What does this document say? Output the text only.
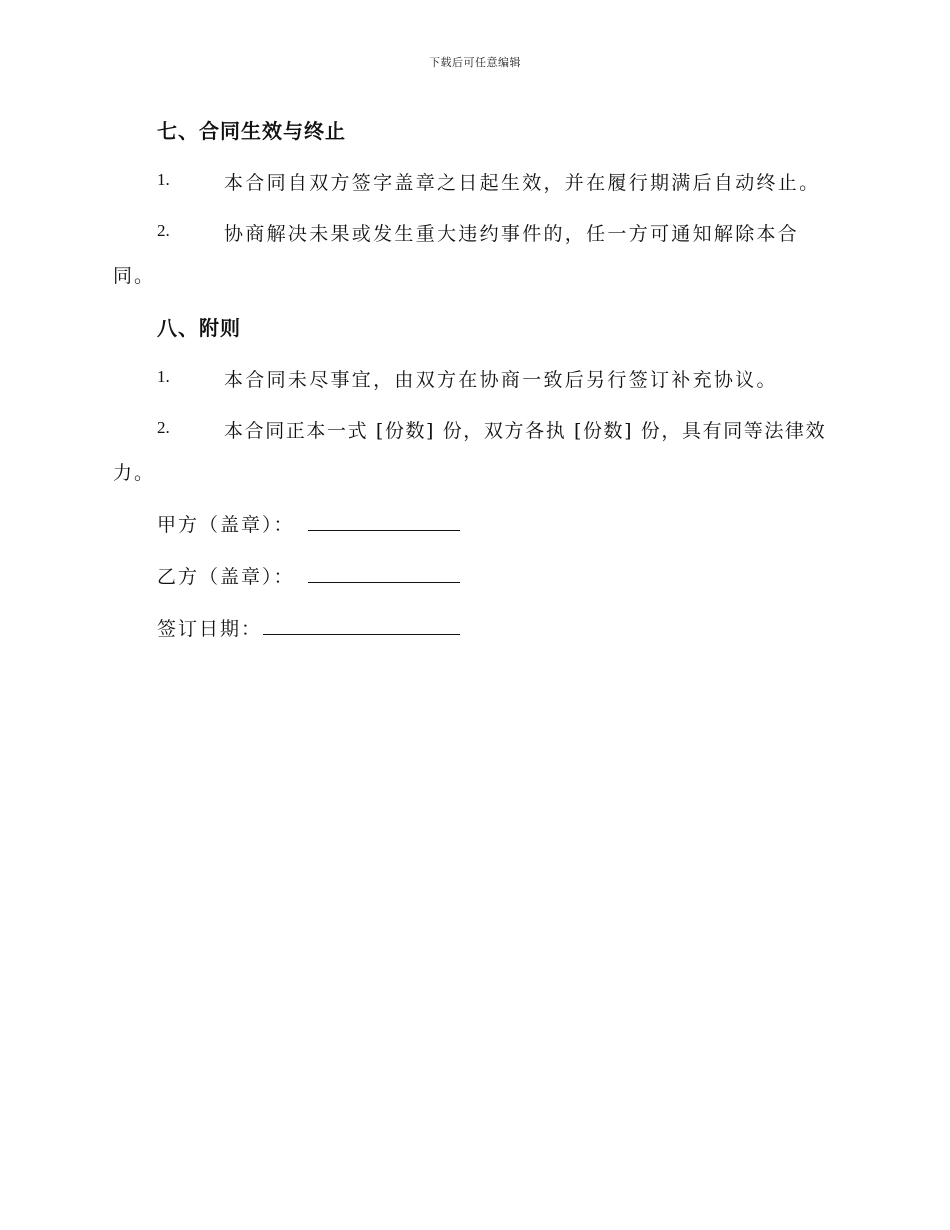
下载后可任意编辑
七、合同生效与终止
1.	本合同自双方签字盖章之日起生效，并在履行期满后自动终止。
2.	协商解决未果或发生重大违约事件的，任一方可通知解除本合
同。
八、附则
1.	本合同未尽事宜，由双方在协商一致后另行签订补充协议。
2.	本合同正本一式 [份数] 份，双方各执 [份数] 份，具有同等法律效
力。
甲方（盖章）：
乙方（盖章）：
签订日期：
